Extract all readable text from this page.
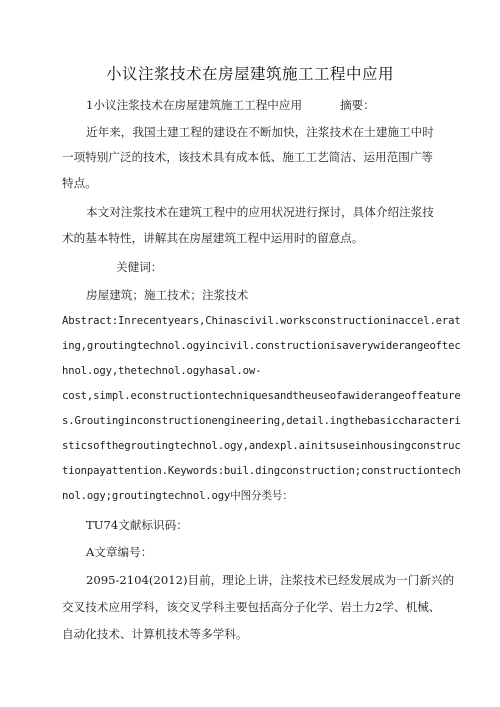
小议注浆技术在房屋建筑施工工程中应用
1小议注浆技术在房屋建筑施工工程中应用	摘要：
近年来，我国土建工程的建设在不断加快，注浆技术在土建施工中时
一项特别广泛的技术，该技术具有成本低、施工工艺简洁、运用范围广等
特点。
本文对注浆技术在建筑工程中的应用状况进行探讨，具体介绍注浆技
术的基本特性，讲解其在房屋建筑工程中运用时的留意点。
关健词：
房屋建筑；施工技术；注浆技术
Abstract:Inrecentyears,Chinascivil.worksconstructioninaccel.erat
ing,groutingtechnol.ogyincivil.constructionisaverywiderangeoftec
hnol.ogy,thetechnol.ogyhasal.ow-
cost,simpl.econstructiontechniquesandtheuseofawiderangeoffeature
s.Groutinginconstructionengineering,detail.ingthebasiccharacteri
sticsofthegroutingtechnol.ogy,andexpl.ainitsuseinhousingconstruc
tionpayattention.Keywords:buil.dingconstruction;constructiontech
nol.ogy;groutingtechnol.ogy中图分类号：
TU74文献标识码：
A文章编号：
2095-2104(2012)目前，理论上讲，注浆技术已经发展成为一门新兴的
交叉技术应用学科，该交叉学科主要包括高分子化学、岩土力2学、机械、
自动化技术、计算机技术等多学科。
